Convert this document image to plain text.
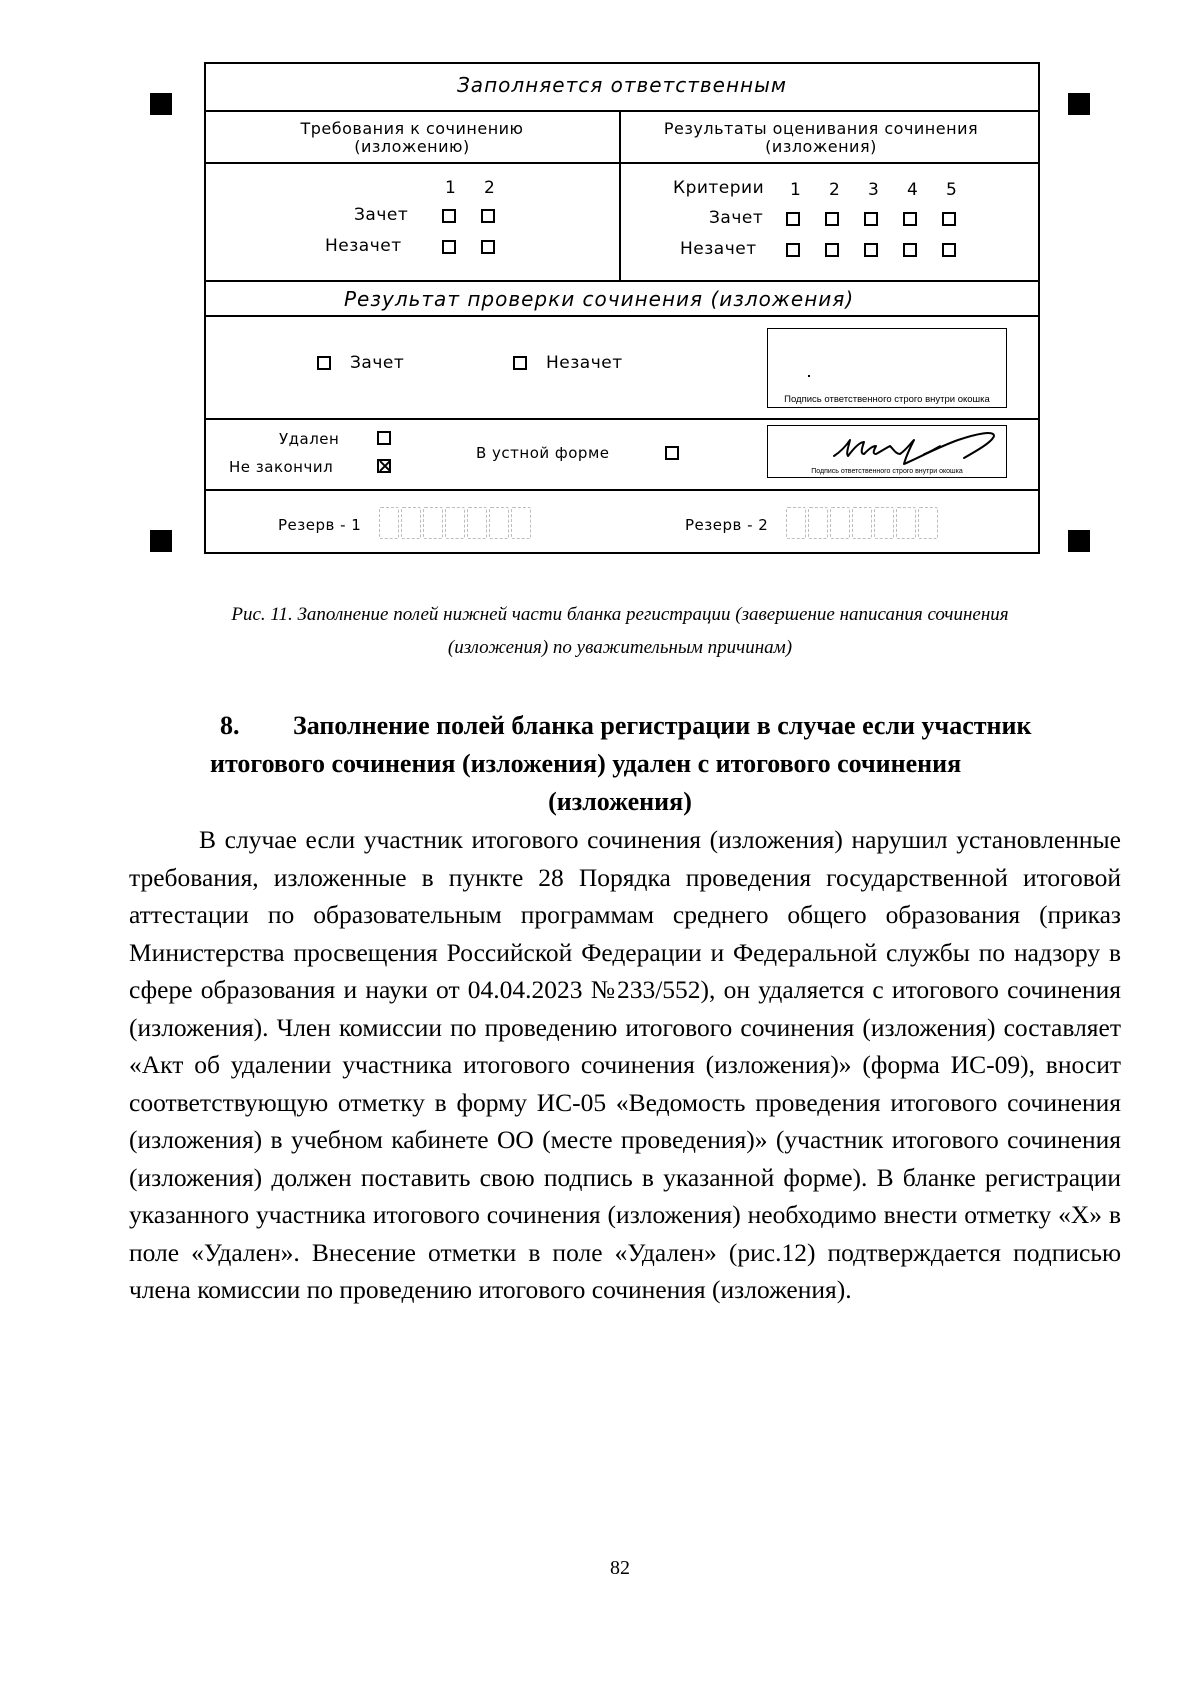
Заполняется ответственным
Требования к сочинению (изложению)
Результаты оценивания сочинения (изложения)
1 2
Зачет
Незачет
Критерии 1 2 3 4 5
Зачет
Незачет
Результат проверки сочинения (изложения)
Зачет	Незачет
Подпись ответственного строго внутри окошка
Удален
Не закончил
В устной форме
Подпись ответственного строго внутри окошка
Резерв - 1	Резерв - 2
Рис. 11. Заполнение полей нижней части бланка регистрации (завершение написания сочинения
(изложения) по уважительным причинам)
8. Заполнение полей бланка регистрации в случае если участник
итогового сочинения (изложения) удален с итогового сочинения
(изложения)
В случае если участник итогового сочинения (изложения) нарушил установленные требования, изложенные в пункте 28 Порядка проведения государственной итоговой аттестации по образовательным программам среднего общего образования (приказ Министерства просвещения Российской Федерации и Федеральной службы по надзору в сфере образования и науки от 04.04.2023 №233/552), он удаляется с итогового сочинения (изложения). Член комиссии по проведению итогового сочинения (изложения) составляет «Акт об удалении участника итогового сочинения (изложения)» (форма ИС-09), вносит соответствующую отметку в форму ИС-05 «Ведомость проведения итогового сочинения (изложения) в учебном кабинете ОО (месте проведения)» (участник итогового сочинения (изложения) должен поставить свою подпись в указанной форме). В бланке регистрации указанного участника итогового сочинения (изложения) необходимо внести отметку «Х» в поле «Удален». Внесение отметки в поле «Удален» (рис.12) подтверждается подписью члена комиссии по проведению итогового сочинения (изложения).
82
